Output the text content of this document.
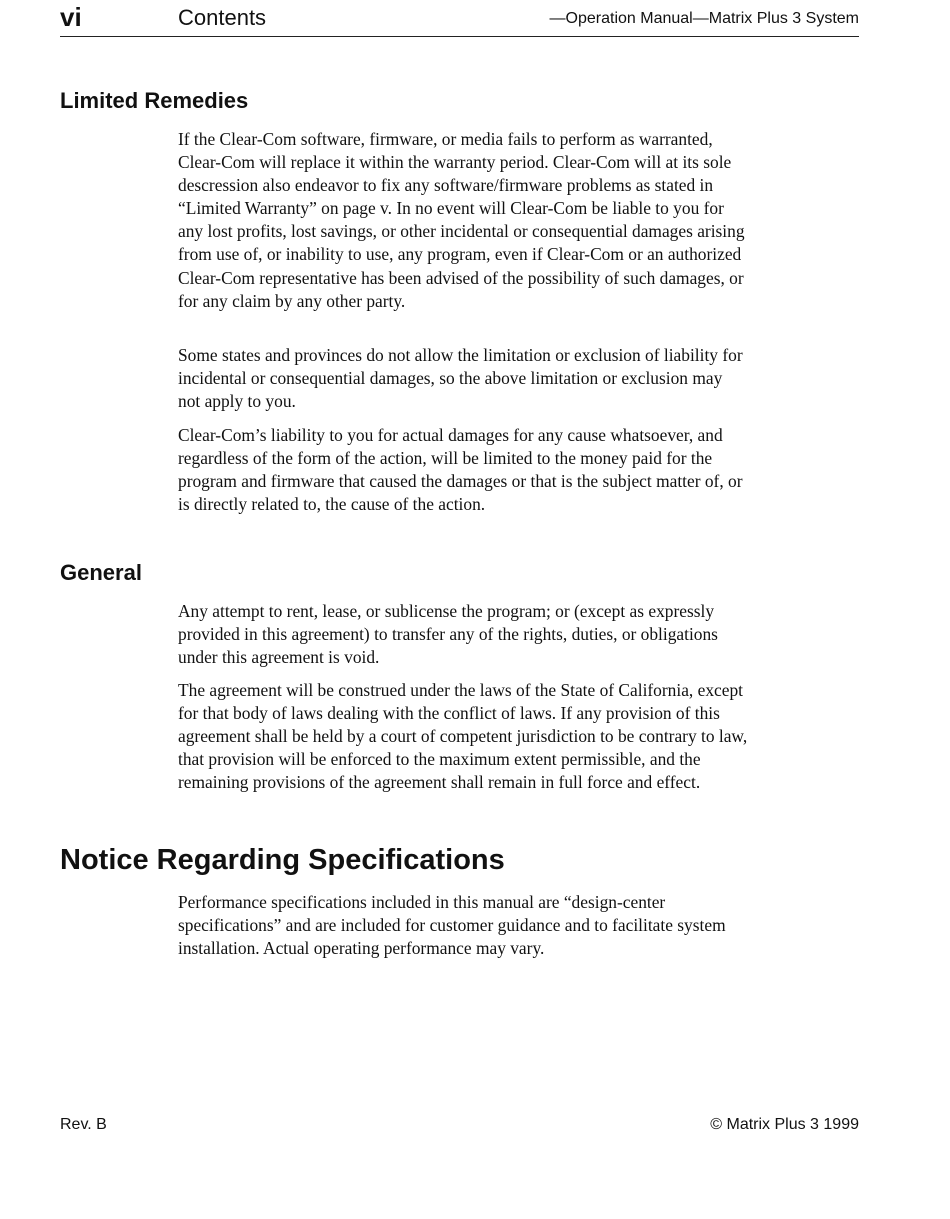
vi	Contents	—Operation Manual—Matrix Plus 3 System
Limited Remedies

If the Clear-Com software, firmware, or media fails to perform as warranted, Clear-Com will replace it within the warranty period. Clear-Com will at its sole descression also endeavor to fix any software/firmware problems as stated in “Limited Warranty” on page v. In no event will Clear-Com be liable to you for any lost profits, lost savings, or other incidental or consequential damages arising from use of, or inability to use, any program, even if Clear-Com or an authorized Clear-Com representative has been advised of the possibility of such damages, or for any claim by any other party.

Some states and provinces do not allow the limitation or exclusion of liability for incidental or consequential damages, so the above limitation or exclusion may not apply to you.

Clear-Com’s liability to you for actual damages for any cause whatsoever, and regardless of the form of the action, will be limited to the money paid for the program and firmware that caused the damages or that is the subject matter of, or is directly related to, the cause of the action.

General

Any attempt to rent, lease, or sublicense the program; or (except as expressly provided in this agreement) to transfer any of the rights, duties, or obligations under this agreement is void.

The agreement will be construed under the laws of the State of California, except for that body of laws dealing with the conflict of laws. If any provision of this agreement shall be held by a court of competent jurisdiction to be contrary to law, that provision will be enforced to the maximum extent permissible, and the remaining provisions of the agreement shall remain in full force and effect.

Notice Regarding Specifications

Performance specifications included in this manual are “design-center specifications” and are included for customer guidance and to facilitate system installation. Actual operating performance may vary.

Rev. B	© Matrix Plus 3 1999
